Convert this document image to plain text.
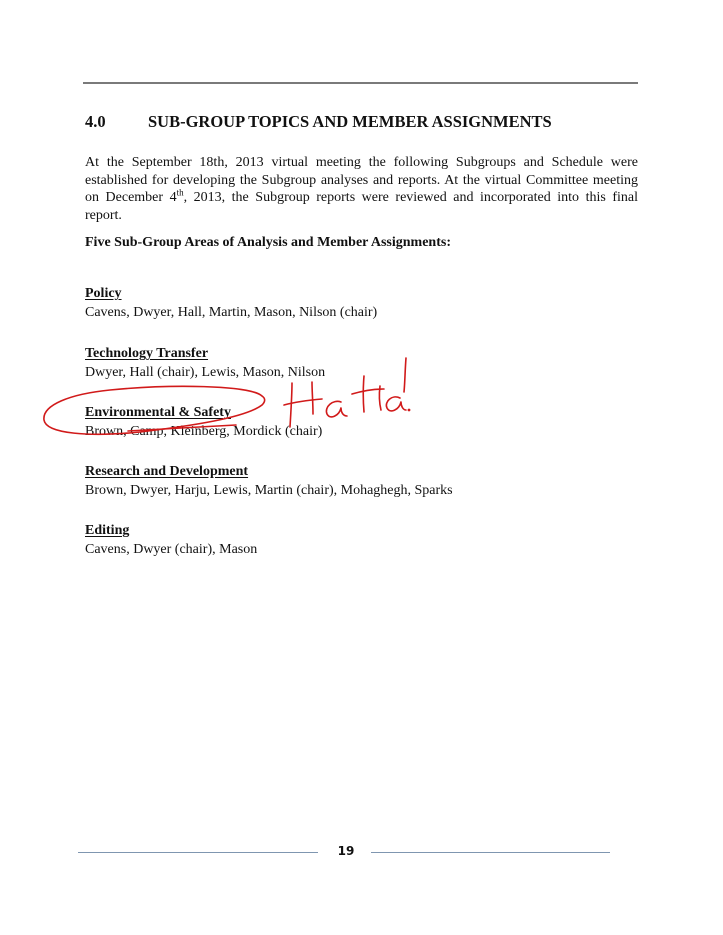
4.0	SUB-GROUP TOPICS AND MEMBER ASSIGNMENTS
At the September 18th, 2013 virtual meeting the following Subgroups and Schedule were established for developing the Subgroup analyses and reports. At the virtual Committee meeting on December 4th, 2013, the Subgroup reports were reviewed and incorporated into this final report.
Five Sub-Group Areas of Analysis and Member Assignments:
Policy
Cavens, Dwyer, Hall, Martin, Mason, Nilson (chair)
Technology Transfer
Dwyer, Hall (chair), Lewis, Mason, Nilson
Environmental & Safety
Brown, Camp, Kleinberg, Mordick (chair)
Research and Development
Brown, Dwyer, Harju, Lewis, Martin (chair), Mohaghegh, Sparks
Editing
Cavens, Dwyer (chair), Mason
19
